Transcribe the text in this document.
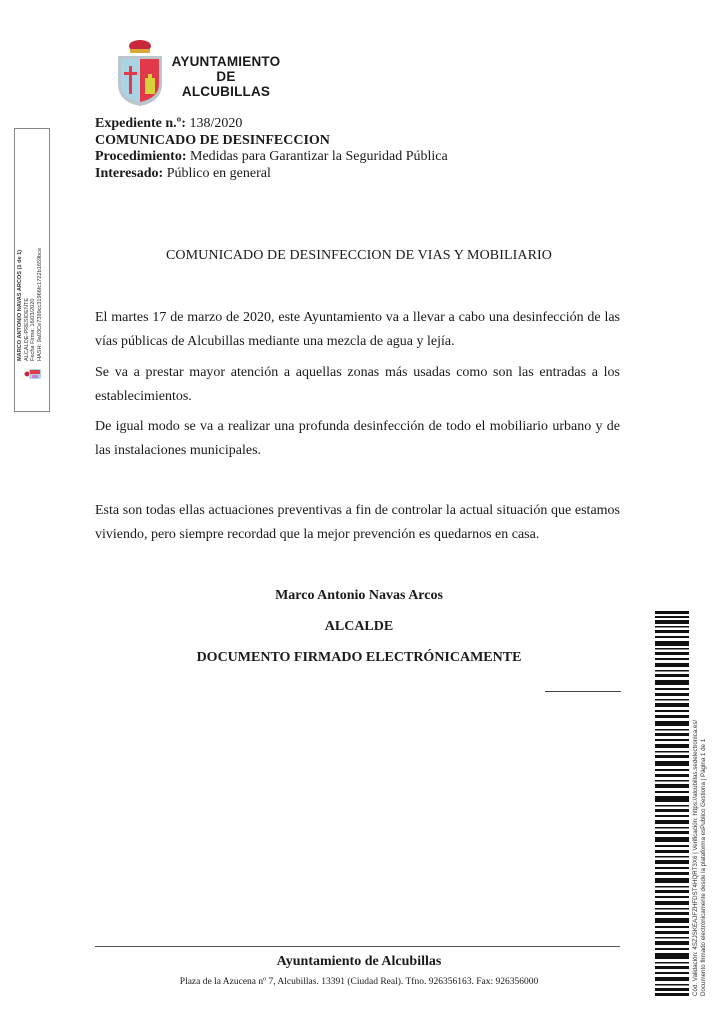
AYUNTAMIENTO
DE
ALCUBILLAS
MARCO ANTONIO NAVAS ARCOS (1 de 1) ALCALDE-PRESIDENTE Fecha Firma: 16/03/2020 HASH: 9a03Ce7399cc31966fc1722b1659bce
Expediente n.º: 138/2020
COMUNICADO DE DESINFECCION
Procedimiento: Medidas para Garantizar la Seguridad Pública
Interesado: Público en general
COMUNICADO DE DESINFECCION DE VIAS Y MOBILIARIO
El martes 17 de marzo de 2020, este Ayuntamiento va a llevar a cabo una desinfección de las vías públicas de Alcubillas mediante una mezcla de agua y lejía.
Se va a prestar mayor atención a aquellas zonas más usadas como son las entradas a los establecimientos.
De igual modo se va a realizar una profunda desinfección de todo el mobiliario urbano y de las instalaciones municipales.
Esta son todas ellas actuaciones preventivas a fin de controlar la actual situación que estamos viviendo, pero siempre recordad que la mejor prevención es quedarnos en casa.
Marco Antonio Navas Arcos
ALCALDE
DOCUMENTO FIRMADO ELECTRÓNICAMENTE
Ayuntamiento de Alcubillas
Plaza de la Azucena nº 7, Alcubillas. 13391 (Ciudad Real). Tfno. 926356163. Fax: 926356000	Cód. Validación: 4SZJSKEAJFZHFDST4HQRT3X6 | Verificación: https://alcubillas.sedelectronica.es/ Documento firmado electrónicamente desde la plataforma esPublico Gestiona | Página 1 de 1
